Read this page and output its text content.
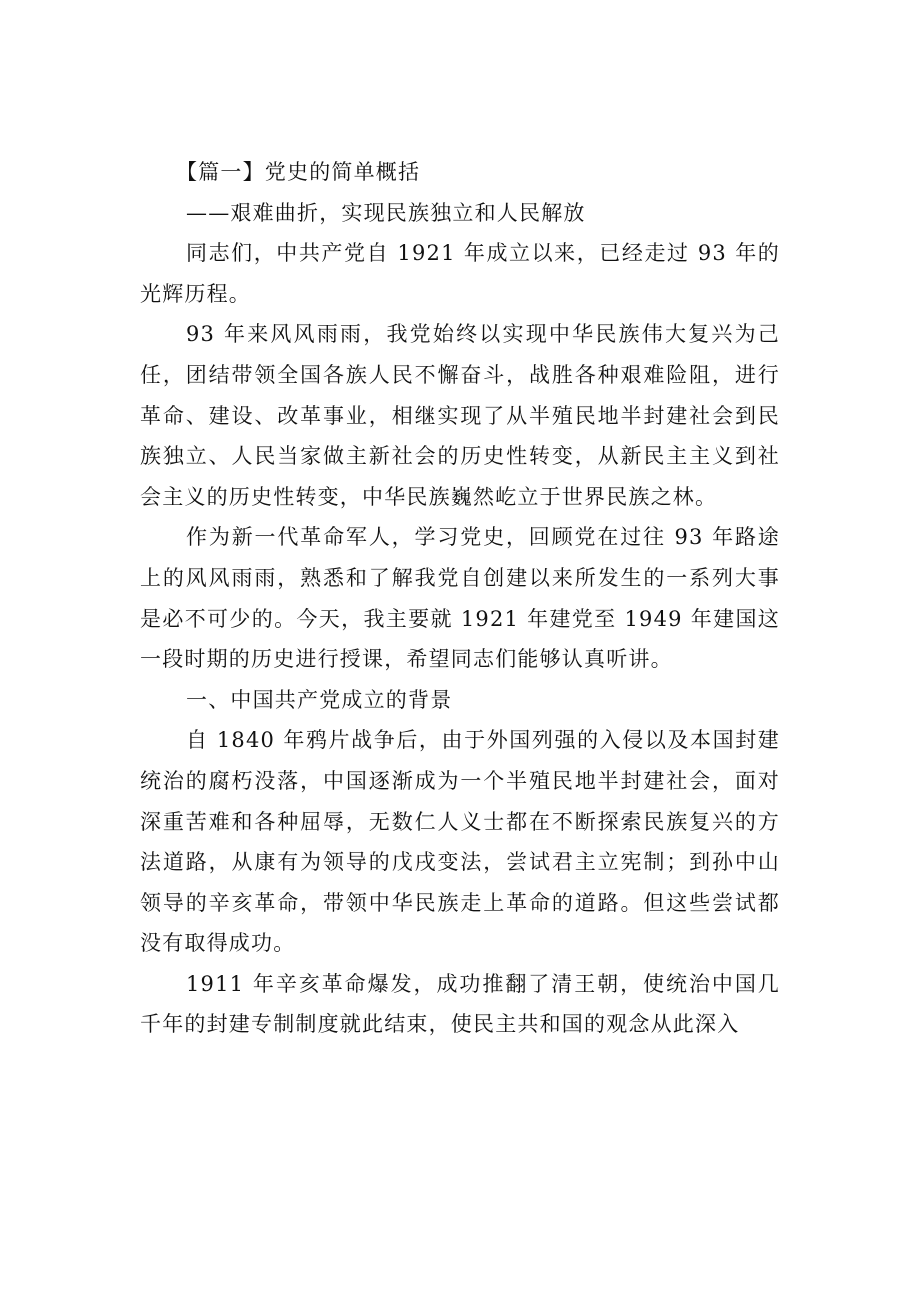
【篇一】党史的简单概括

——艰难曲折，实现民族独立和人民解放

同志们，中共产党自 1921 年成立以来，已经走过 93 年的光辉历程。

93 年来风风雨雨，我党始终以实现中华民族伟大复兴为己任，团结带领全国各族人民不懈奋斗，战胜各种艰难险阻，进行革命、建设、改革事业，相继实现了从半殖民地半封建社会到民族独立、人民当家做主新社会的历史性转变，从新民主主义到社会主义的历史性转变，中华民族巍然屹立于世界民族之林。

作为新一代革命军人，学习党史，回顾党在过往 93 年路途上的风风雨雨，熟悉和了解我党自创建以来所发生的一系列大事是必不可少的。今天，我主要就 1921 年建党至 1949 年建国这一段时期的历史进行授课，希望同志们能够认真听讲。

一、中国共产党成立的背景

自 1840 年鸦片战争后，由于外国列强的入侵以及本国封建统治的腐朽没落，中国逐渐成为一个半殖民地半封建社会，面对深重苦难和各种屈辱，无数仁人义士都在不断探索民族复兴的方法道路，从康有为领导的戊戌变法，尝试君主立宪制；到孙中山领导的辛亥革命，带领中华民族走上革命的道路。但这些尝试都没有取得成功。

1911 年辛亥革命爆发，成功推翻了清王朝，使统治中国几千年的封建专制制度就此结束，使民主共和国的观念从此深入
